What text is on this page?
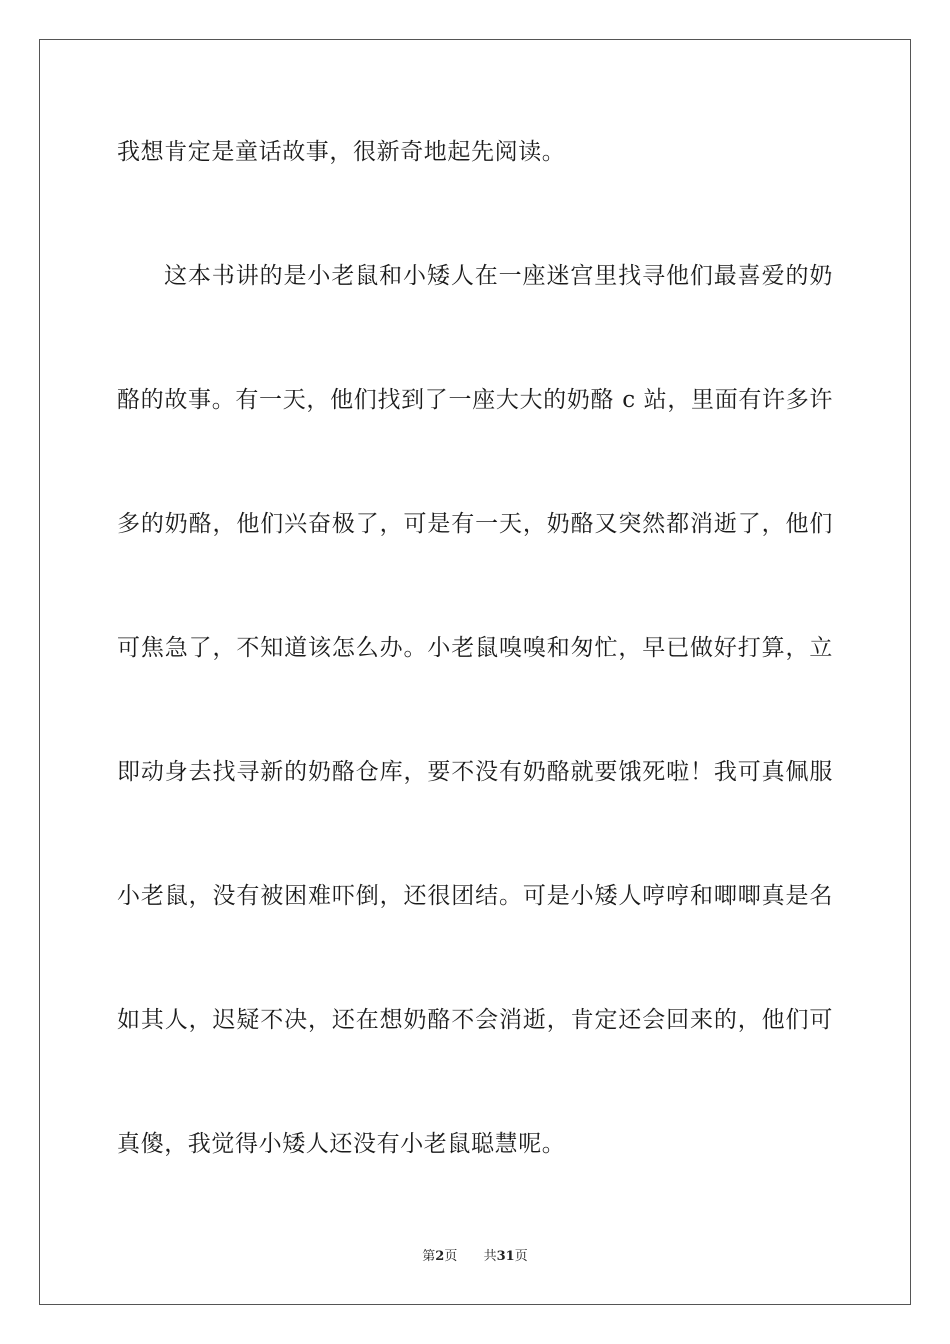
我想肯定是童话故事，很新奇地起先阅读。
这本书讲的是小老鼠和小矮人在一座迷宫里找寻他们最喜爱的奶
酪的故事。有一天，他们找到了一座大大的奶酪 c 站，里面有许多许
多的奶酪，他们兴奋极了，可是有一天，奶酪又突然都消逝了，他们
可焦急了，不知道该怎么办。小老鼠嗅嗅和匆忙，早已做好打算，立
即动身去找寻新的奶酪仓库，要不没有奶酪就要饿死啦！我可真佩服
小老鼠，没有被困难吓倒，还很团结。可是小矮人哼哼和唧唧真是名
如其人，迟疑不决，还在想奶酪不会消逝，肯定还会回来的，他们可
真傻，我觉得小矮人还没有小老鼠聪慧呢。
第2页 共31页
